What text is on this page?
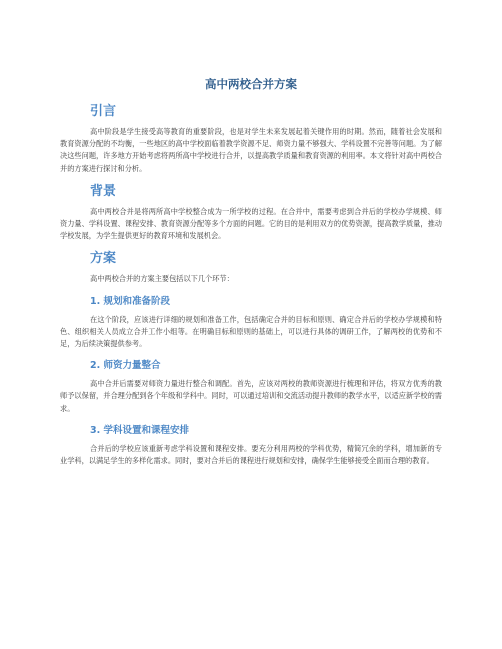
高中两校合并方案
引言

高中阶段是学生接受高等教育的重要阶段，也是对学生未来发展起着关键作用的时期。然而，随着社会发展和教育资源分配的不均衡，一些地区的高中学校面临着教学资源不足、师资力量不够强大、学科设置不完善等问题。为了解决这些问题，许多地方开始考虑将两所高中学校进行合并，以提高教学质量和教育资源的利用率。本文将针对高中两校合并的方案进行探讨和分析。

背景

高中两校合并是将两所高中学校整合成为一所学校的过程。在合并中，需要考虑到合并后的学校办学规模、师资力量、学科设置、课程安排、教育资源分配等多个方面的问题。它的目的是利用双方的优势资源，提高教学质量，推动学校发展，为学生提供更好的教育环境和发展机会。

方案

高中两校合并的方案主要包括以下几个环节：

1. 规划和准备阶段

在这个阶段，应该进行详细的规划和准备工作，包括确定合并的目标和原则、确定合并后的学校办学规模和特色、组织相关人员成立合并工作小组等。在明确目标和原则的基础上，可以进行具体的调研工作，了解两校的优势和不足，为后续决策提供参考。

2. 师资力量整合

高中合并后需要对师资力量进行整合和调配。首先，应该对两校的教师资源进行梳理和评估，将双方优秀的教师予以保留，并合理分配到各个年级和学科中。同时，可以通过培训和交流活动提升教师的教学水平，以适应新学校的需求。

3. 学科设置和课程安排

合并后的学校应该重新考虑学科设置和课程安排。要充分利用两校的学科优势，精简冗余的学科，增加新的专业学科，以满足学生的多样化需求。同时，要对合并后的课程进行规划和安排，确保学生能够接受全面而合理的教育。
